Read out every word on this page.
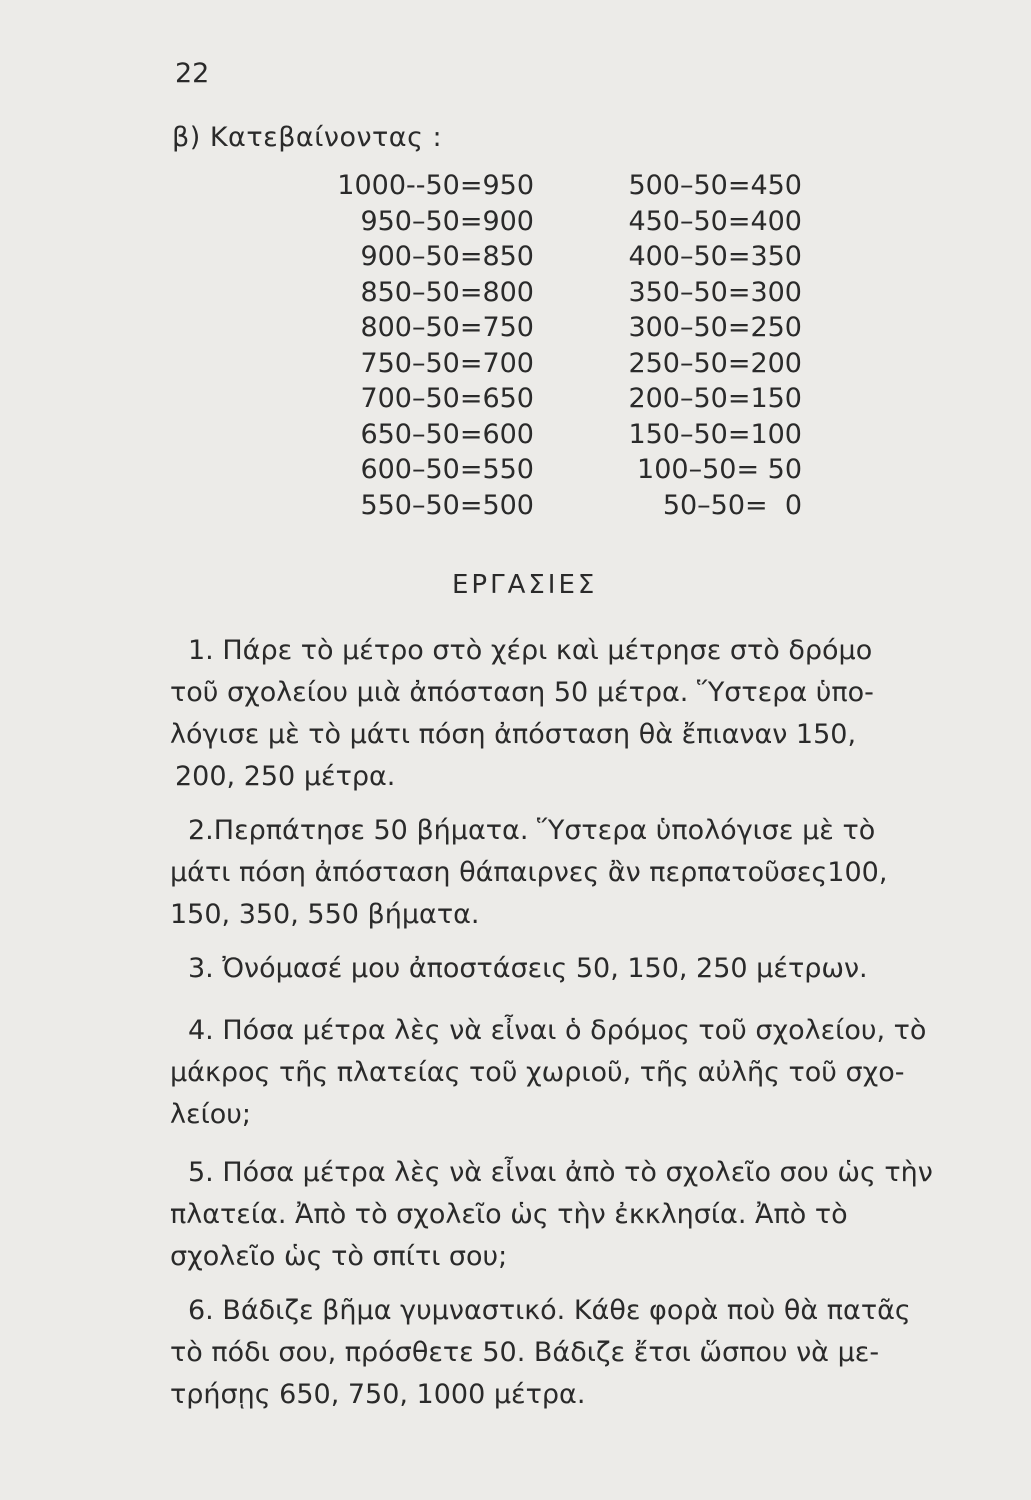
22
β) Κατεβαίνοντας :
1000--50=950
950–50=900
900–50=850
850–50=800
800–50=750
750–50=700
700–50=650
650–50=600
600–50=550
550–50=500
500–50=450
450–50=400
400–50=350
350–50=300
300–50=250
250–50=200
200–50=150
150–50=100
100–50= 50
50–50=  0
ΕΡΓΑΣΙΕΣ

1. Πάρε τὸ μέτρο στὸ χέρι καὶ μέτρησε στὸ δρόμο

τοῦ σχολείου μιὰ ἀπόσταση 50 μέτρα. Ὕστερα ὑπο-

λόγισε μὲ τὸ μάτι πόση ἀπόσταση θὰ ἔπιαναν 150,

200, 250 μέτρα.

2.Περπάτησε 50 βήματα. Ὕστερα ὑπολόγισε μὲ τὸ

μάτι πόση ἀπόσταση θάπαιρνες ἂν περπατοῦσες100,

150, 350, 550 βήματα.

3. Ὀνόμασέ μου ἀποστάσεις 50, 150, 250 μέτρων.

4. Πόσα μέτρα λὲς νὰ εἶναι ὁ δρόμος τοῦ σχολείου, τὸ

μάκρος τῆς πλατείας τοῦ χωριοῦ, τῆς αὐλῆς τοῦ σχο-

λείου;

5. Πόσα μέτρα λὲς νὰ εἶναι ἀπὸ τὸ σχολεῖο σου ὡς τὴν

πλατεία. Ἀπὸ τὸ σχολεῖο ὡς τὴν ἐκκλησία. Ἀπὸ τὸ

σχολεῖο ὡς τὸ σπίτι σου;

6. Βάδιζε βῆμα γυμναστικό. Κάθε φορὰ ποὺ θὰ πατᾶς

τὸ πόδι σου, πρόσθετε 50. Βάδιζε ἔτσι ὥσπου νὰ με-

τρήσῃς 650, 750, 1000 μέτρα.
